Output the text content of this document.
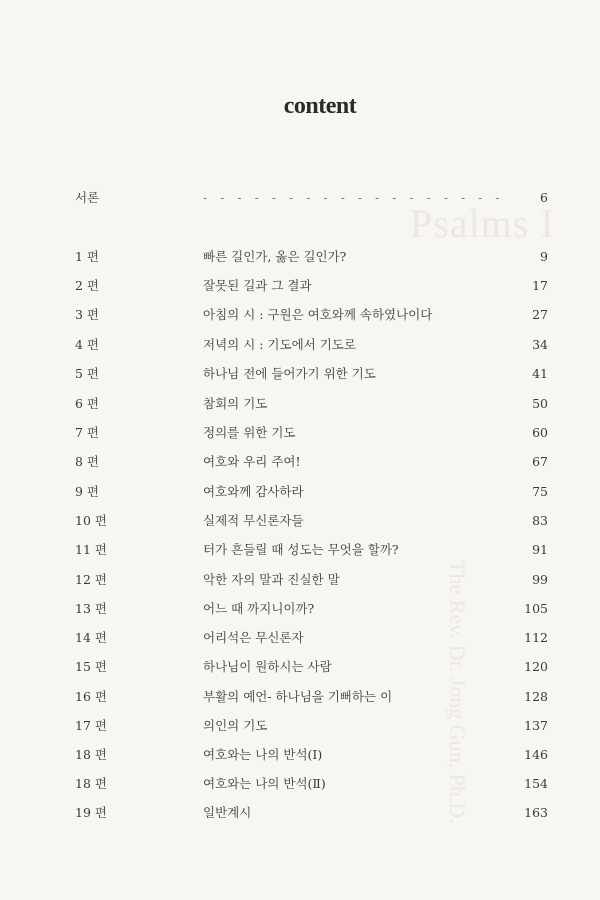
Psalms I
The Rev. Dr. Jong Gun, Ph.D.
content
서론	- - - - - - - - - - - - - - - - - -	6
1 편	빠른 길인가, 옳은 길인가?	9
2 편	잘못된 길과 그 결과	17
3 편	아침의 시 : 구원은 여호와께 속하였나이다	27
4 편	저녁의 시 : 기도에서 기도로	34
5 편	하나님 전에 들어가기 위한 기도	41
6 편	참회의 기도	50
7 편	정의를 위한 기도	60
8 편	여호와 우리 주여!	67
9 편	여호와께 감사하라	75
10 편	실제적 무신론자들	83
11 편	터가 흔들릴 때 성도는 무엇을 할까?	91
12 편	악한 자의 말과 진실한 말	99
13 편	어느 때 까지니이까?	105
14 편	어리석은 무신론자	112
15 편	하나님이 원하시는 사람	120
16 편	부활의 예언- 하나님을 기뻐하는 이	128
17 편	의인의 기도	137
18 편	여호와는 나의 반석(Ⅰ)	146
18 편	여호와는 나의 반석(Ⅱ)	154
19 편	일반계시	163
